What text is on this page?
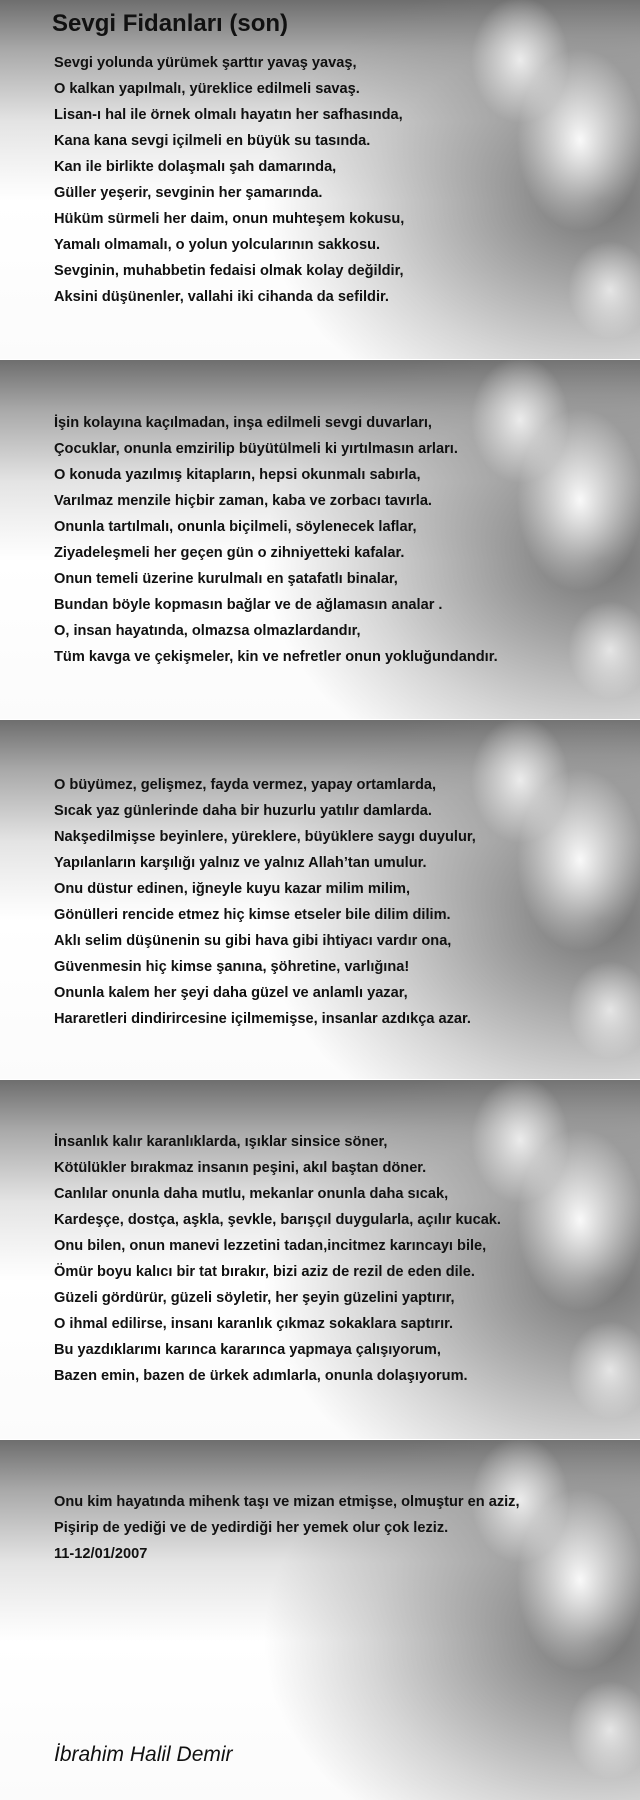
Sevgi Fidanları (son)
Sevgi yolunda yürümek şarttır yavaş yavaş,
O kalkan yapılmalı, yüreklice edilmeli savaş.
Lisan-ı hal ile örnek olmalı hayatın her safhasında,
Kana kana sevgi içilmeli en büyük su tasında.
Kan ile birlikte dolaşmalı şah damarında,
Güller yeşerir, sevginin her şamarında.
Hüküm sürmeli her daim, onun muhteşem kokusu,
Yamalı olmamalı, o yolun yolcularının sakkosu.
Sevginin, muhabbetin fedaisi olmak kolay değildir,
Aksini düşünenler, vallahi iki cihanda da sefildir.
İşin kolayına kaçılmadan, inşa edilmeli sevgi duvarları,
Çocuklar, onunla emzirilip büyütülmeli ki yırtılmasın arları.
O konuda yazılmış kitapların, hepsi okunmalı sabırla,
Varılmaz menzile hiçbir zaman, kaba ve zorbacı tavırla.
Onunla tartılmalı, onunla biçilmeli, söylenecek laflar,
Ziyadeleşmeli her geçen gün o zihniyetteki kafalar.
Onun temeli üzerine kurulmalı en şatafatlı binalar,
Bundan böyle kopmasın bağlar ve de ağlamasın analar .
O, insan hayatında, olmazsa olmazlardandır,
Tüm kavga ve çekişmeler, kin ve nefretler onun yokluğundandır.
O büyümez, gelişmez, fayda vermez, yapay ortamlarda,
Sıcak yaz günlerinde daha bir huzurlu yatılır damlarda.
Nakşedilmişse beyinlere, yüreklere, büyüklere saygı duyulur,
Yapılanların karşılığı yalnız ve yalnız Allah’tan umulur.
Onu düstur edinen, iğneyle kuyu kazar milim milim,
Gönülleri rencide etmez hiç kimse etseler bile dilim dilim.
Aklı selim düşünenin su gibi hava gibi ihtiyacı vardır ona,
Güvenmesin hiç kimse şanına, şöhretine, varlığına!
Onunla kalem her şeyi daha güzel ve anlamlı yazar,
Hararetleri dindirircesine içilmemişse, insanlar azdıkça azar.
İnsanlık kalır karanlıklarda, ışıklar sinsice söner,
Kötülükler bırakmaz insanın peşini, akıl baştan döner.
Canlılar onunla daha mutlu, mekanlar onunla daha sıcak,
Kardeşçe, dostça, aşkla, şevkle, barışçıl duygularla, açılır kucak.
Onu bilen, onun manevi lezzetini tadan,incitmez karıncayı bile,
Ömür boyu kalıcı bir tat bırakır, bizi aziz de rezil de eden dile.
Güzeli gördürür, güzeli söyletir, her şeyin güzelini yaptırır,
O ihmal edilirse, insanı karanlık çıkmaz sokaklara saptırır.
Bu yazdıklarımı karınca kararınca yapmaya çalışıyorum,
Bazen emin, bazen de ürkek adımlarla, onunla dolaşıyorum.
Onu kim hayatında mihenk taşı ve mizan etmişse, olmuştur en aziz,
Pişirip de yediği ve de yedirdiği her yemek olur çok leziz.
11-12/01/2007

İbrahim Halil Demir
